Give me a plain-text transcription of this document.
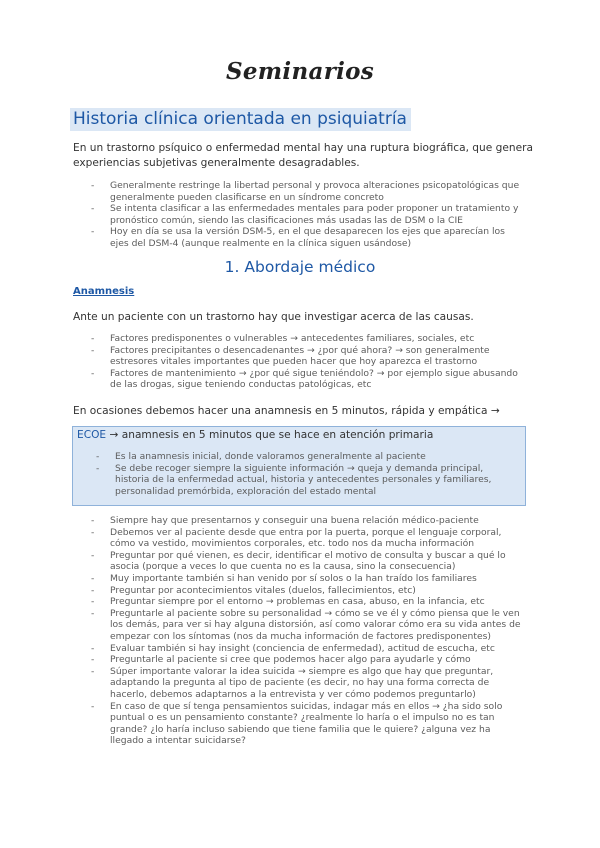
Seminarios
Historia clínica orientada en psiquiatría
En un trastorno psíquico o enfermedad mental hay una ruptura biográfica, que genera experiencias subjetivas generalmente desagradables.
- Generalmente restringe la libertad personal y provoca alteraciones psicopatológicas que generalmente pueden clasificarse en un síndrome concreto
- Se intenta clasificar a las enfermedades mentales para poder proponer un tratamiento y pronóstico común, siendo las clasificaciones más usadas las de DSM o la CIE
- Hoy en día se usa la versión DSM-5, en el que desaparecen los ejes que aparecían los ejes del DSM-4 (aunque realmente en la clínica siguen usándose)
1. Abordaje médico
Anamnesis
Ante un paciente con un trastorno hay que investigar acerca de las causas.
- Factores predisponentes o vulnerables → antecedentes familiares, sociales, etc
- Factores precipitantes o desencadenantes → ¿por qué ahora? → son generalmente estresores vitales importantes que pueden hacer que hoy aparezca el trastorno
- Factores de mantenimiento → ¿por qué sigue teniéndolo? → por ejemplo sigue abusando de las drogas, sigue teniendo conductas patológicas, etc
En ocasiones debemos hacer una anamnesis en 5 minutos, rápida y empática →
ECOE → anamnesis en 5 minutos que se hace en atención primaria
- Es la anamnesis inicial, donde valoramos generalmente al paciente
- Se debe recoger siempre la siguiente información → queja y demanda principal, historia de la enfermedad actual, historia y antecedentes personales y familiares, personalidad premórbida, exploración del estado mental
- Siempre hay que presentarnos y conseguir una buena relación médico-paciente
- Debemos ver al paciente desde que entra por la puerta, porque el lenguaje corporal, cómo va vestido, movimientos corporales, etc. todo nos da mucha información
- Preguntar por qué vienen, es decir, identificar el motivo de consulta y buscar a qué lo asocia (porque a veces lo que cuenta no es la causa, sino la consecuencia)
- Muy importante también si han venido por sí solos o la han traído los familiares
- Preguntar por acontecimientos vitales (duelos, fallecimientos, etc)
- Preguntar siempre por el entorno → problemas en casa, abuso, en la infancia, etc
- Preguntarle al paciente sobre su personalidad → cómo se ve él y cómo piensa que le ven los demás, para ver si hay alguna distorsión, así como valorar cómo era su vida antes de empezar con los síntomas (nos da mucha información de factores predisponentes)
- Evaluar también si hay insight (conciencia de enfermedad), actitud de escucha, etc
- Preguntarle al paciente si cree que podemos hacer algo para ayudarle y cómo
- Súper importante valorar la idea suicida → siempre es algo que hay que preguntar, adaptando la pregunta al tipo de paciente (es decir, no hay una forma correcta de hacerlo, debemos adaptarnos a la entrevista y ver cómo podemos preguntarlo)
- En caso de que sí tenga pensamientos suicidas, indagar más en ellos → ¿ha sido solo puntual o es un pensamiento constante? ¿realmente lo haría o el impulso no es tan grande? ¿lo haría incluso sabiendo que tiene familia que le quiere? ¿alguna vez ha llegado a intentar suicidarse?
